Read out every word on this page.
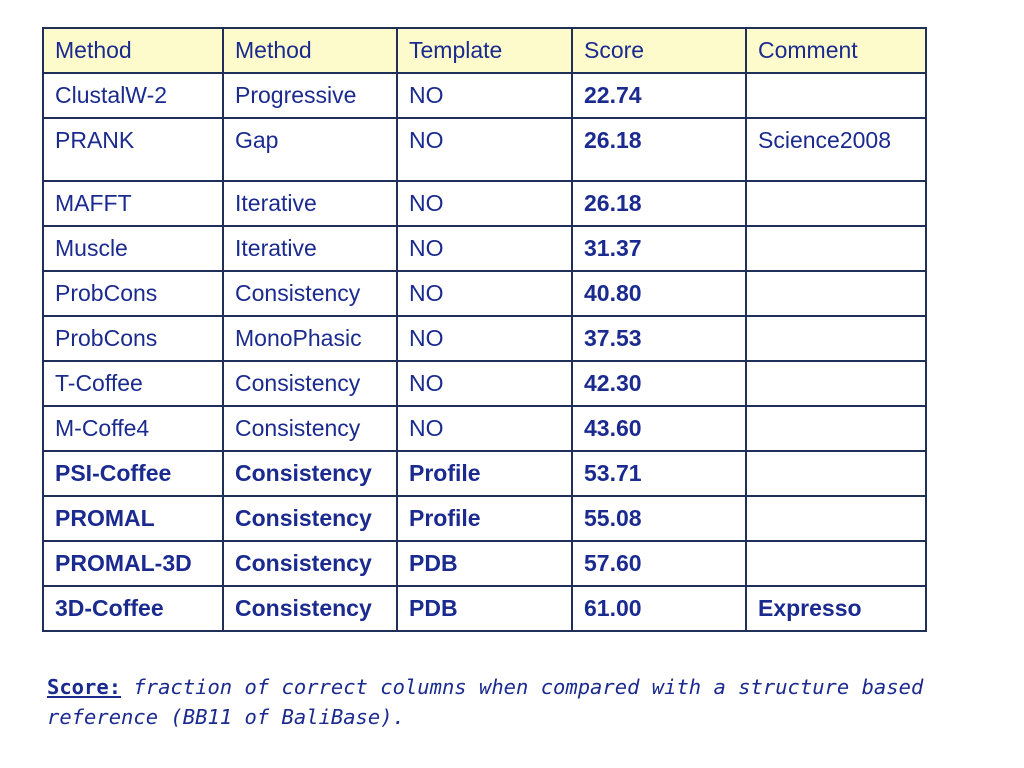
Method	Method	Template	Score	Comment
ClustalW-2	Progressive	NO	22.74	
PRANK	Gap	NO	26.18	Science2008
MAFFT	Iterative	NO	26.18	
Muscle	Iterative	NO	31.37	
ProbCons	Consistency	NO	40.80	
ProbCons	MonoPhasic	NO	37.53	
T-Coffee	Consistency	NO	42.30	
M-Coffe4	Consistency	NO	43.60	
PSI-Coffee	Consistency	Profile	53.71	
PROMAL	Consistency	Profile	55.08	
PROMAL-3D	Consistency	PDB	57.60	
3D-Coffee	Consistency	PDB	61.00	Expresso
Score: fraction of correct columns when compared with a structure based reference (BB11 of BaliBase).
